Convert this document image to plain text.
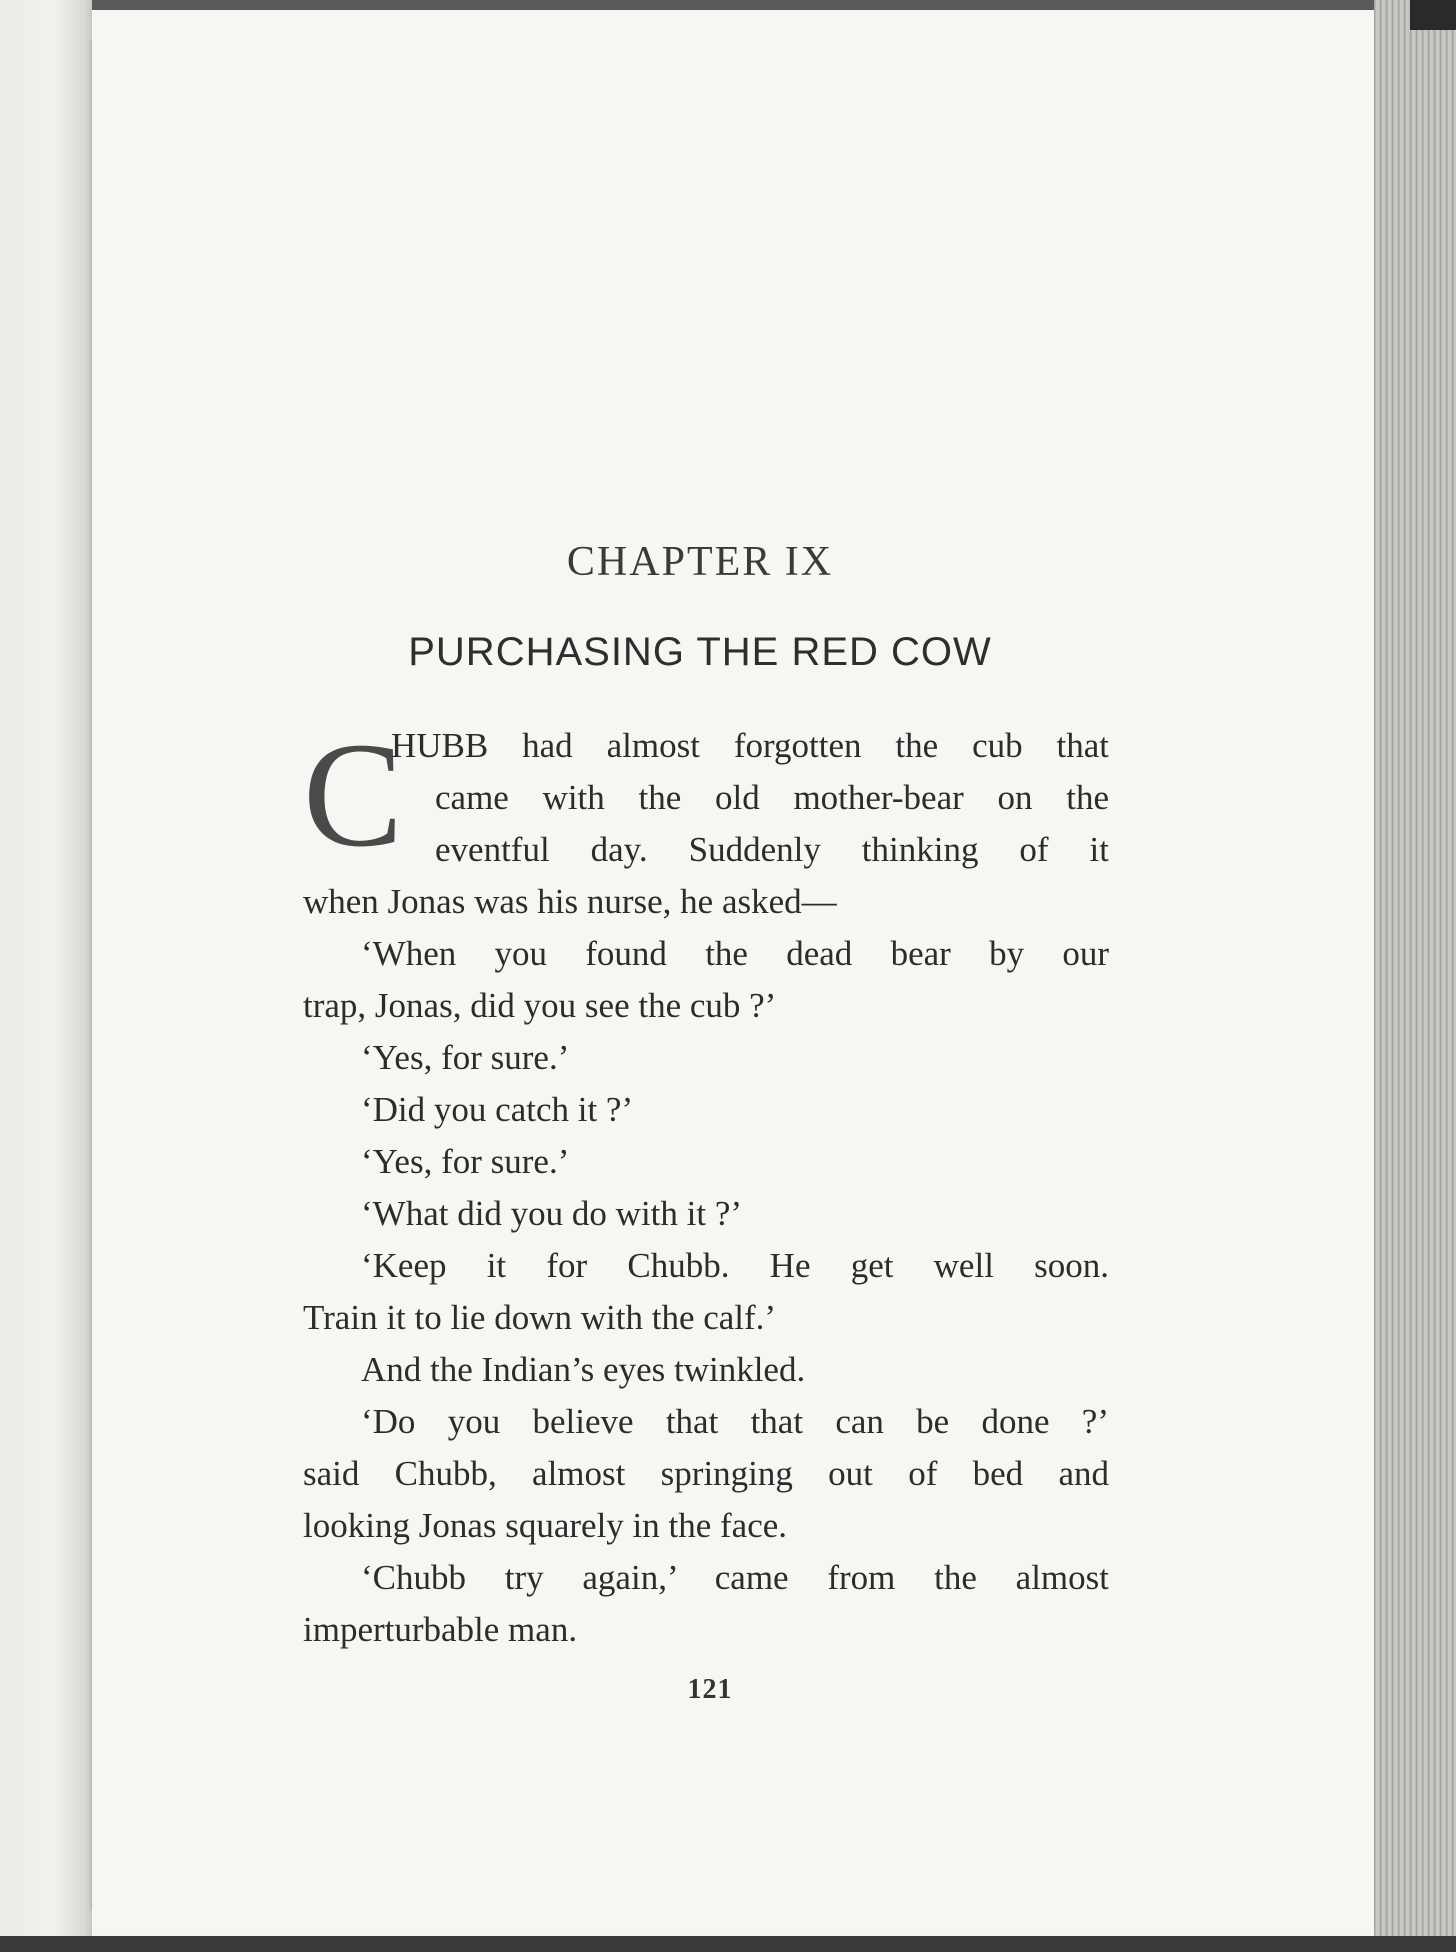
CHAPTER IX
PURCHASING THE RED COW
C
HUBB had almost forgotten the cub that
came with the old mother-bear on the
eventful day. Suddenly thinking of it
when Jonas was his nurse, he asked—
‘When you found the dead bear by our
trap, Jonas, did you see the cub ?’
‘Yes, for sure.’
‘Did you catch it ?’
‘Yes, for sure.’
‘What did you do with it ?’
‘Keep it for Chubb. He get well soon.
Train it to lie down with the calf.’
And the Indian’s eyes twinkled.
‘Do you believe that that can be done ?’
said Chubb, almost springing out of bed and
looking Jonas squarely in the face.
‘Chubb try again,’ came from the almost
imperturbable man.
121
